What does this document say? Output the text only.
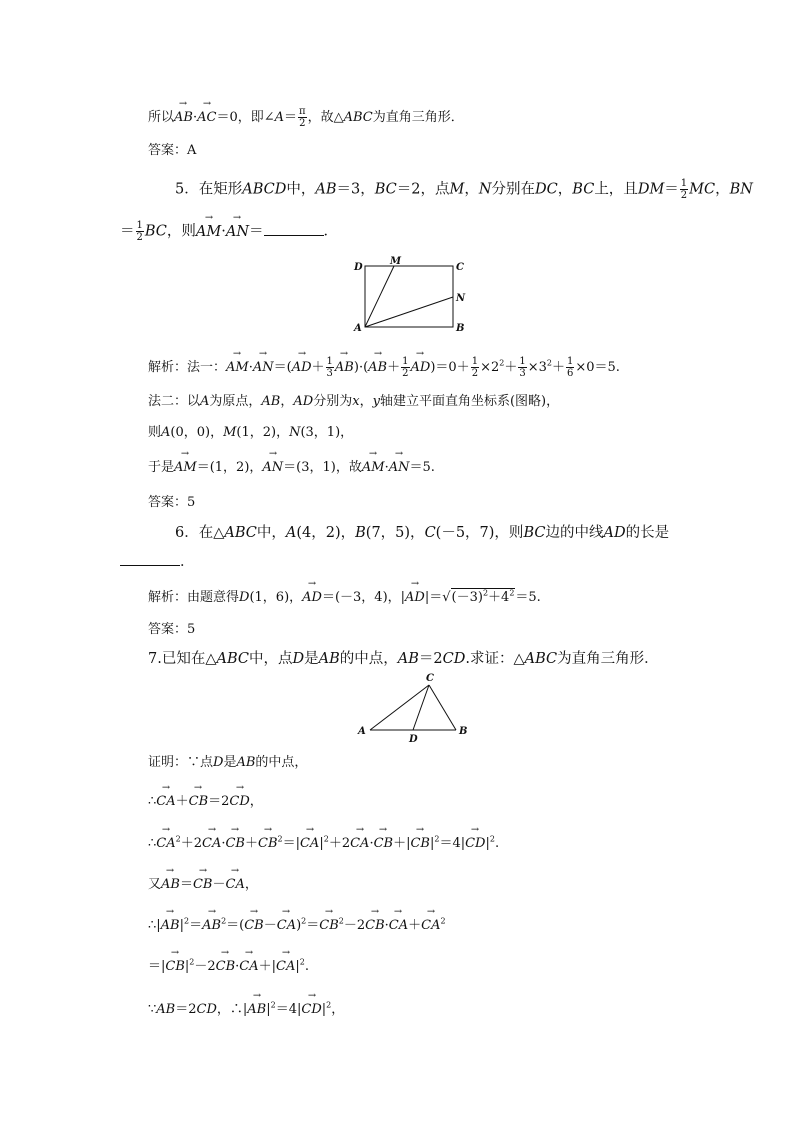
所以→ AB·→ AC＝0，即∠A＝ $\frac{\pi}{2}$ ，故△ABC为直角三角形．
答案：A
5．在矩形ABCD中，AB＝3，BC＝2，点M，N分别在DC，BC上，且$DM= \frac{1}{2}$ MC，BN
＝ $\frac{1}{2}$ BC，则→ AM·→ AN＝	．
D
M
C
N
A	B
解析：法一：→ $AM\cdot\to AN=(\to AD+ \frac{1}{3}$
→ $AB)\cdot(\to AB+ \frac{1}{2}$
→ $AD)=0+ \frac{1}{2} \times 2^2+ \frac{1}{3} \times 3^2+ \frac{1}{6} \times 0=5$.
法二：以A为原点，AB，AD分别为x，y轴建立平面直角坐标系(图略)，
则A(0，0)，M(1，2)，N(3，1)，
于是→ AM＝(1，2)，→ AN＝(3，1)，故→ AM·→ AN＝5.
答案：5
6．在△ABC中，A(4，2)，B(7，5)，C(－5，7)，则BC边的中线AD的长是
．
解析：由题意得D(1，6)，→ AD＝(－3，4)，|→ $AD|=√(-3)^2+4^2=5$.
答案：5
7.已知在△ABC中，点D是AB的中点，AB＝2CD.求证：△ABC为直角三角形．
C
A
D
B
证明：∵点D是AB的中点，
∴→ CA＋→ CB＝2→ CD，
∴→ $CA^2+2\to CA\cdot\to CB+\to CB^2=|\to CA|^2+2\to CA\cdot\to CB+|\to CB|^2=4|\to CD|^2$.
又→ AB＝→ CB－→ CA，
∴|→ $AB|^2=\to AB^2=(\to CB-\to CA)^2=\to CB^2-2\to CB\cdot\to CA+\to CA^2$
＝|→ $CB|^2-2\to CB\cdot\to CA+|\to CA|^2$.
∵AB＝2CD，∴|→ $AB|^2=4|\to CD|^2$，
